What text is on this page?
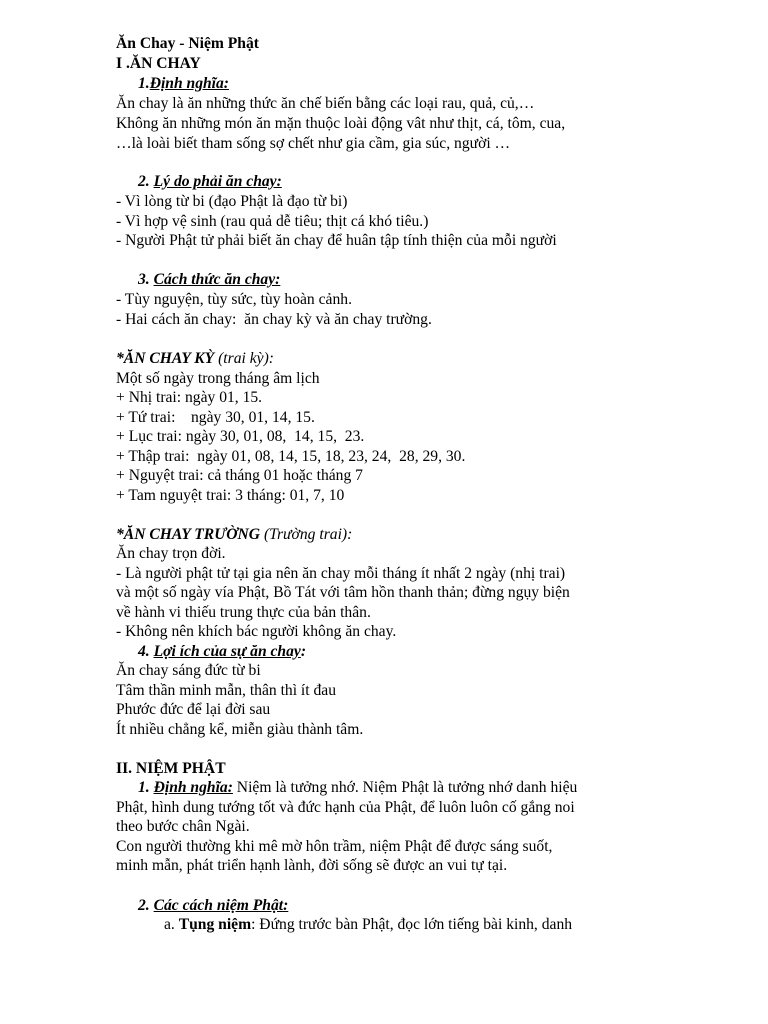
Ăn Chay - Niệm Phật
I .ĂN CHAY
1.Định nghĩa:
Ăn chay là ăn những thức ăn chế biến bằng các loại rau, quả, củ,…
Không ăn những món ăn mặn thuộc loài động vât như thịt, cá, tôm, cua,
…là loài biết tham sống sợ chết như gia cầm, gia súc, người …
2. Lý do phải ăn chay:
- Vì lòng từ bi (đạo Phật là đạo từ bi)
- Vì hợp vệ sinh (rau quả dễ tiêu; thịt cá khó tiêu.)
- Người Phật tử phải biết ăn chay để huân tập tính thiện của mỗi người
3. Cách thức ăn chay:
- Tùy nguyện, tùy sức, tùy hoàn cảnh.
- Hai cách ăn chay:  ăn chay kỳ và ăn chay trường.
*ĂN CHAY KỲ (trai kỳ):
Một số ngày trong tháng âm lịch
+ Nhị trai: ngày 01, 15.
+ Tứ trai:    ngày 30, 01, 14, 15.
+ Lục trai: ngày 30, 01, 08,  14, 15,  23.
+ Thập trai:  ngày 01, 08, 14, 15, 18, 23, 24,  28, 29, 30.
+ Nguyệt trai: cả tháng 01 hoặc tháng 7
+ Tam nguyệt trai: 3 tháng: 01, 7, 10
*ĂN CHAY TRƯỜNG (Trường trai):
Ăn chay trọn đời.
- Là người phật tử tại gia nên ăn chay mỗi tháng ít nhất 2 ngày (nhị trai)
và một số ngày vía Phật, Bồ Tát với tâm hồn thanh thản; đừng ngụy biện
về hành vi thiếu trung thực của bản thân.
- Không nên khích bác người không ăn chay.
4. Lợi ích của sự ăn chay:
Ăn chay sáng đức từ bi
Tâm thần minh mẫn, thân thì ít đau
Phước đức để lại đời sau
Ít nhiều chẳng kể, miễn giàu thành tâm.
II. NIỆM PHẬT
1. Định nghĩa: Niệm là tưởng nhớ. Niệm Phật là tưởng nhớ danh hiệu
Phật, hình dung tướng tốt và đức hạnh của Phật, để luôn luôn cố gắng noi
theo bước chân Ngài.
Con người thường khi mê mờ hôn trầm, niệm Phật để được sáng suốt,
minh mẫn, phát triển hạnh lành, đời sống sẽ được an vui tự tại.
2. Các cách niệm Phật:
a. Tụng niệm: Đứng trước bàn Phật, đọc lớn tiếng bài kinh, danh
